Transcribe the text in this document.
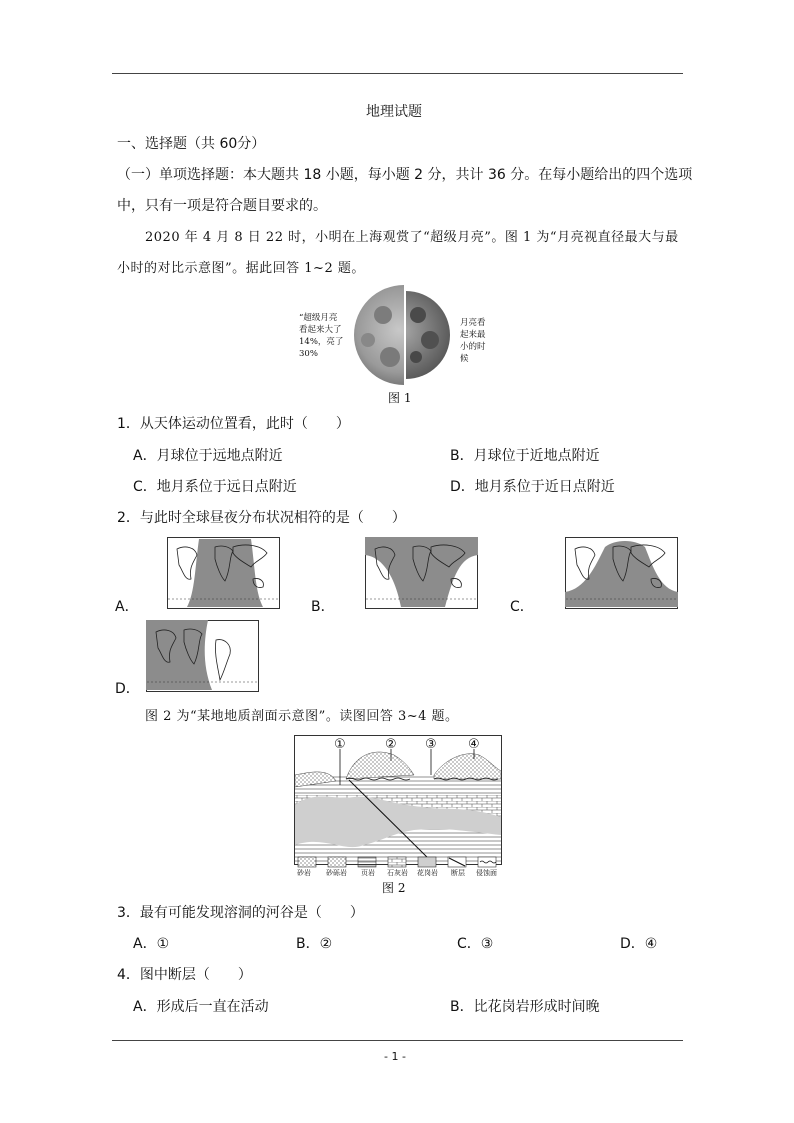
地理试题
一、选择题（共 60分）
（一）单项选择题：本大题共 18 小题，每小题 2 分，共计 36 分。在每小题给出的四个选项
中，只有一项是符合题目要求的。
2020 年 4 月 8 日 22 时，小明在上海观赏了“超级月亮”。图 1 为“月亮视直径最大与最
小时的对比示意图”。据此回答 1~2 题。
“超级月亮
看起来大了
14%，亮了
30%
月亮看
起来最
小的时
候
图 1
1．从天体运动位置看，此时（　　）
A．月球位于远地点附近	B．月球位于近地点附近
C．地月系位于远日点附近	D．地月系位于近日点附近
2．与此时全球昼夜分布状况相符的是（　　）
A．	B．	C．
D．
图 2 为“某地地质剖面示意图”。读图回答 3~4 题。
①	② ③ ④
砂岩 砂砾岩 页岩 石灰岩 花岗岩 断层 侵蚀面
图 2
3．最有可能发现溶洞的河谷是（　　）
A．①	B．②	C．③	D．④
4．图中断层（　　）
A．形成后一直在活动	B．比花岗岩形成时间晚
- 1 -
